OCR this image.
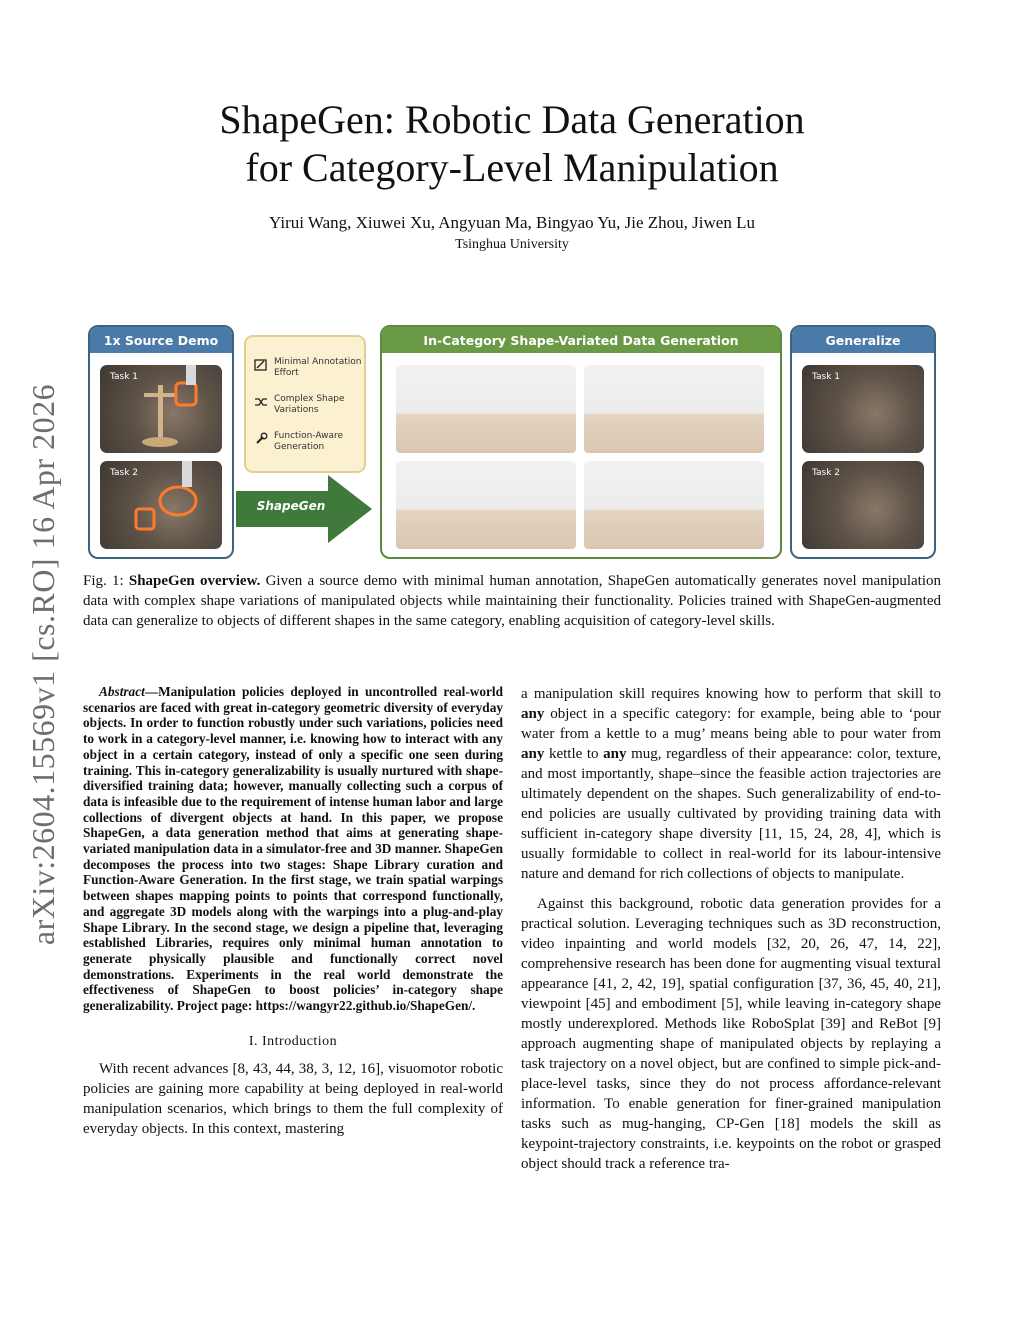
arXiv:2604.15569v1 [cs.RO] 16 Apr 2026
ShapeGen: Robotic Data Generation
for Category-Level Manipulation
Yirui Wang, Xiuwei Xu, Angyuan Ma, Bingyao Yu, Jie Zhou, Jiwen Lu
Tsinghua University
1x Source Demo
Task 1
Task 2
Minimal Annotation Effort
Complex Shape Variations
Function-Aware Generation
ShapeGen
In-Category Shape-Variated Data Generation	Generalize
Task 1
Task 2

Fig. 1: ShapeGen overview. Given a source demo with minimal human annotation, ShapeGen automatically generates novel manipulation data with complex shape variations of manipulated objects while maintaining their functionality. Policies trained with ShapeGen-augmented data can generalize to objects of different shapes in the same category, enabling acquisition of category-level skills.

Abstract—Manipulation policies deployed in uncontrolled real-world scenarios are faced with great in-category geometric diversity of everyday objects. In order to function robustly under such variations, policies need to work in a category-level manner, i.e. knowing how to interact with any object in a certain category, instead of only a specific one seen during training. This in-category generalizability is usually nurtured with shape-diversified training data; however, manually collecting such a corpus of data is infeasible due to the requirement of intense human labor and large collections of divergent objects at hand. In this paper, we propose ShapeGen, a data generation method that aims at generating shape-variated manipulation data in a simulator-free and 3D manner. ShapeGen decomposes the process into two stages: Shape Library curation and Function-Aware Generation. In the first stage, we train spatial warpings between shapes mapping points to points that correspond functionally, and aggregate 3D models along with the warpings into a plug-and-play Shape Library. In the second stage, we design a pipeline that, leveraging established Libraries, requires only minimal human annotation to generate physically plausible and functionally correct novel demonstrations. Experiments in the real world demonstrate the effectiveness of ShapeGen to boost policies’ in-category shape generalizability. Project page: https://wangyr22.github.io/ShapeGen/.

I. Introduction

With recent advances [8, 43, 44, 38, 3, 12, 16], visuomotor robotic policies are gaining more capability at being deployed in real-world manipulation scenarios, which brings to them the full complexity of everyday objects. In this context, mastering

a manipulation skill requires knowing how to perform that skill to any object in a specific category: for example, being able to ‘pour water from a kettle to a mug’ means being able to pour water from any kettle to any mug, regardless of their appearance: color, texture, and most importantly, shape–since the feasible action trajectories are ultimately dependent on the shapes. Such generalizability of end-to-end policies are usually cultivated by providing training data with sufficient in-category shape diversity [11, 15, 24, 28, 4], which is usually formidable to collect in real-world for its labour-intensive nature and demand for rich collections of objects to manipulate.

Against this background, robotic data generation provides for a practical solution. Leveraging techniques such as 3D reconstruction, video inpainting and world models [32, 20, 26, 47, 14, 22], comprehensive research has been done for augmenting visual textural appearance [41, 2, 42, 19], spatial configuration [37, 36, 45, 40, 21], viewpoint [45] and embodiment [5], while leaving in-category shape mostly underexplored. Methods like RoboSplat [39] and ReBot [9] approach augmenting shape of manipulated objects by replaying a task trajectory on a novel object, but are confined to simple pick-and-place-level tasks, since they do not process affordance-relevant information. To enable generation for finer-grained manipulation tasks such as mug-hanging, CP-Gen [18] models the skill as keypoint-trajectory constraints, i.e. keypoints on the robot or grasped object should track a reference tra-
